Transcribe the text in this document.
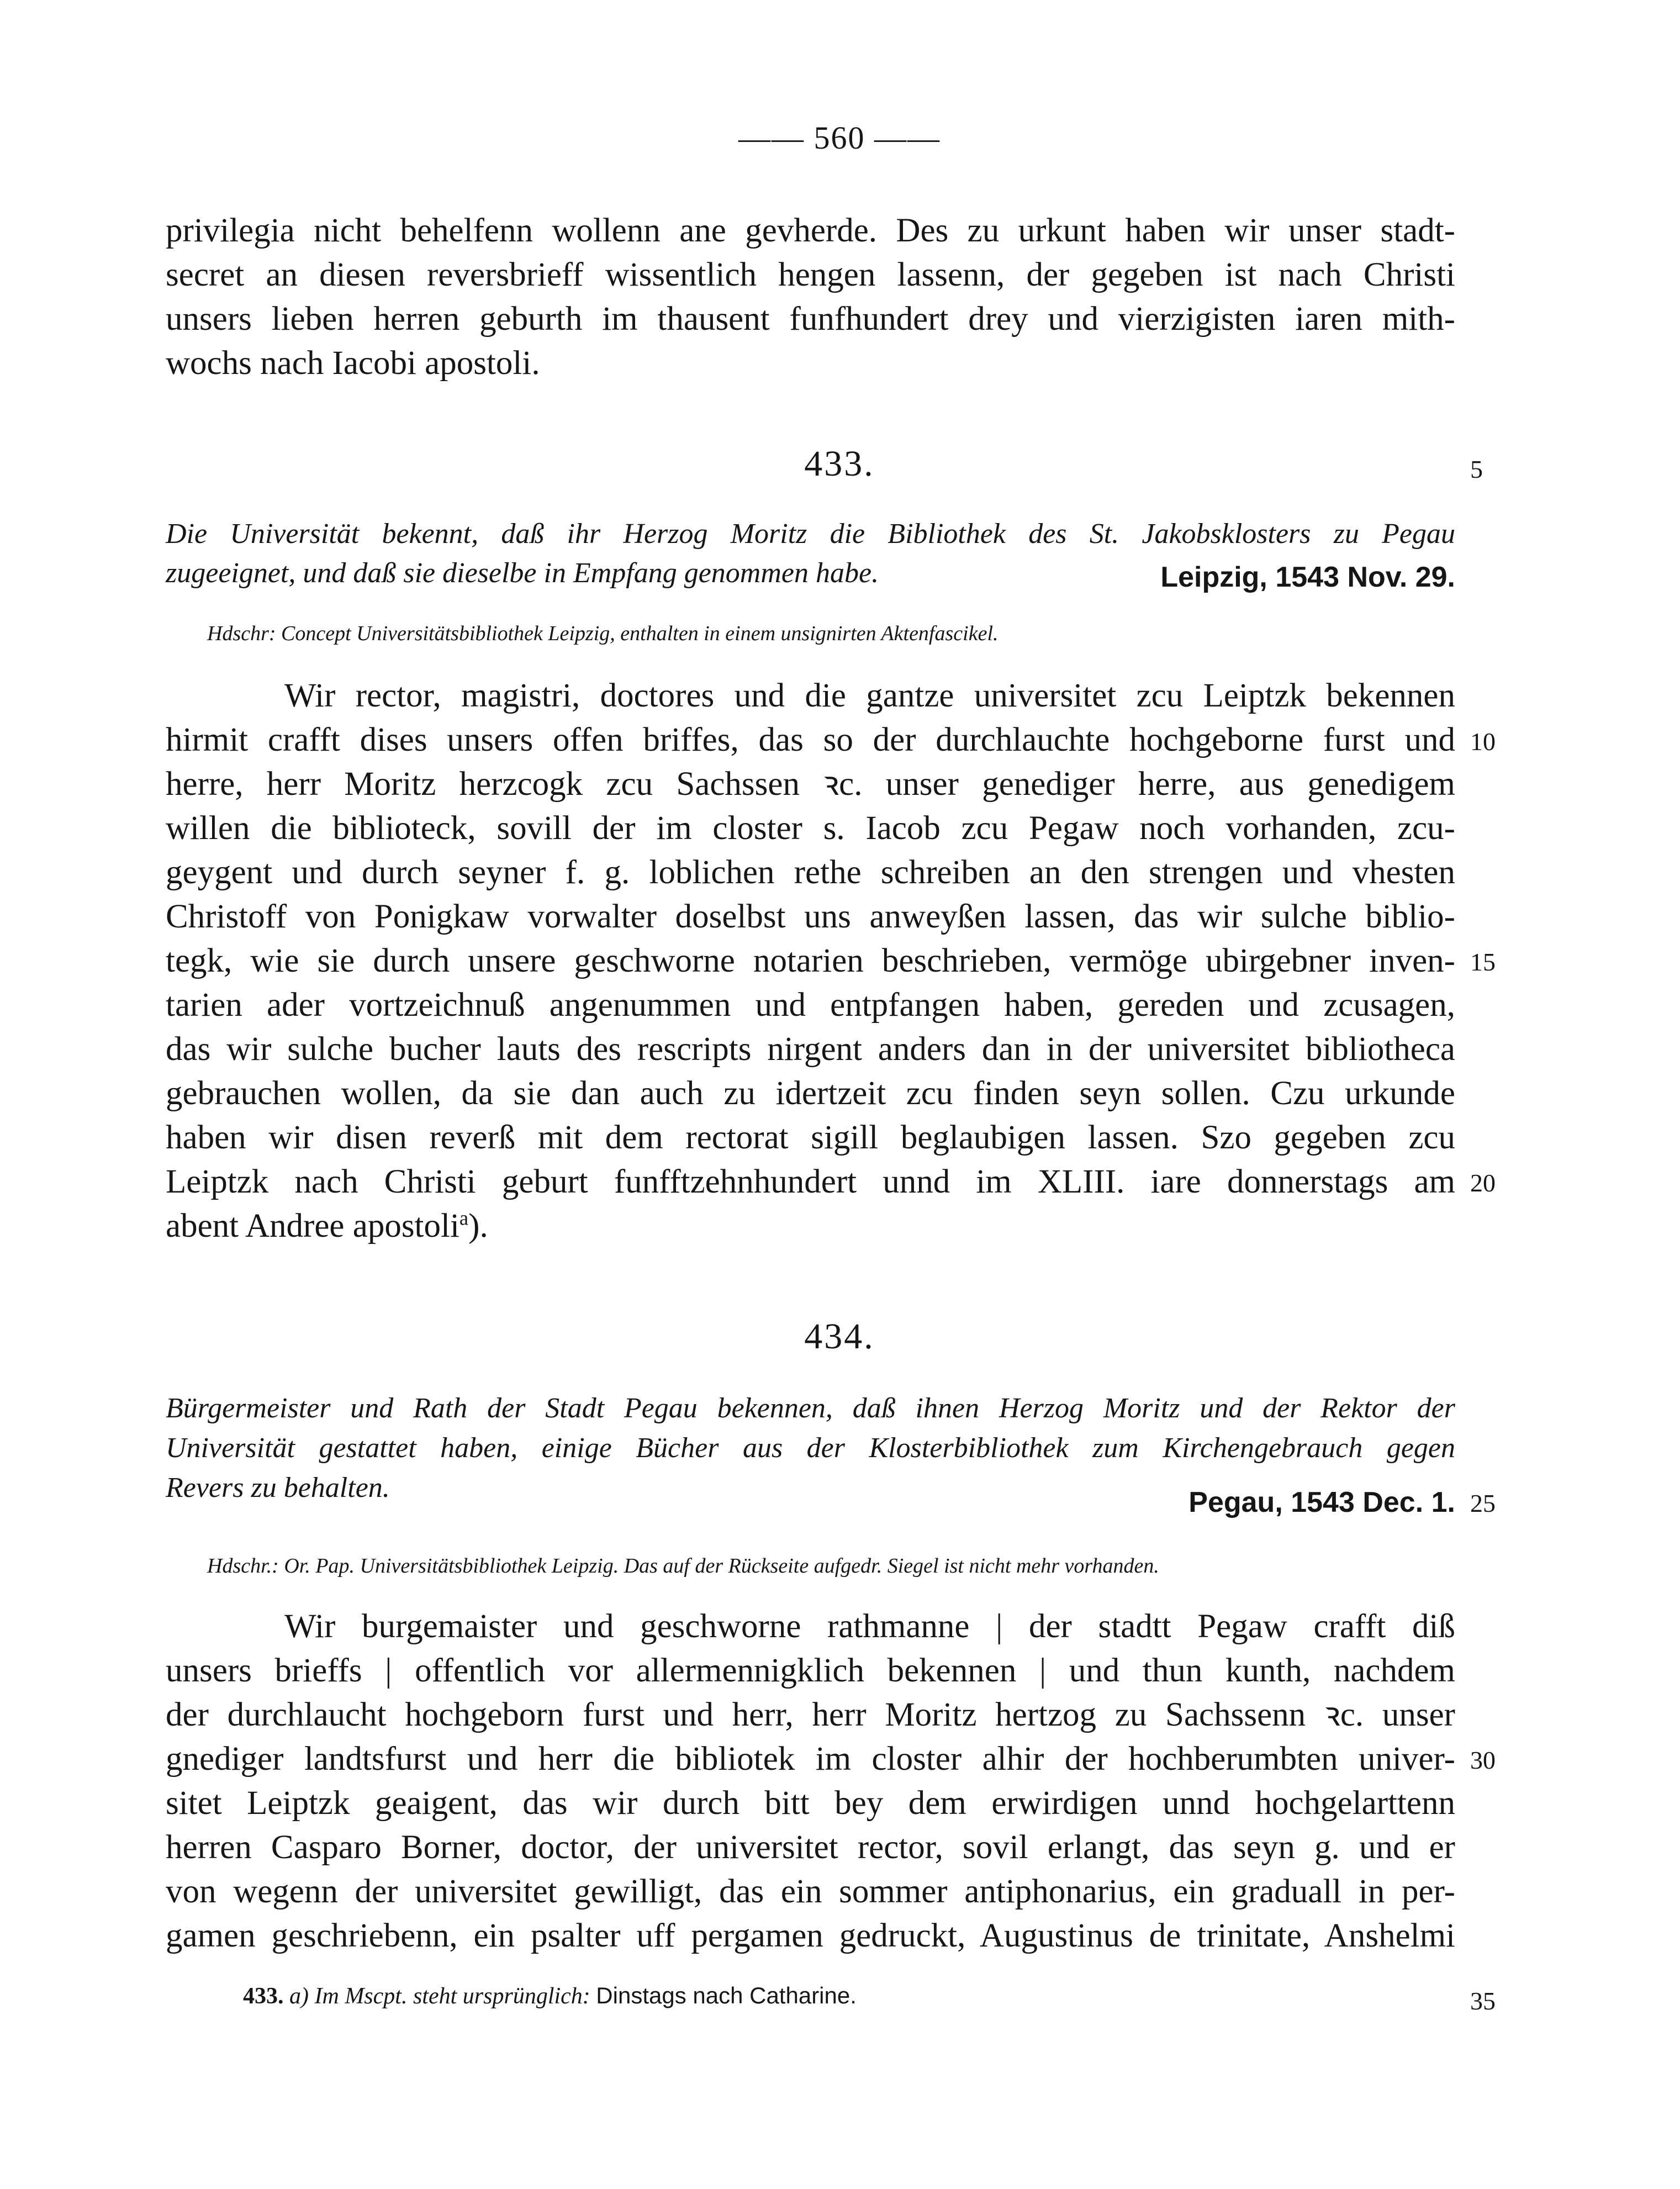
—— 560 ——

privilegia nicht behelfenn wollenn ane gevherde. Des zu urkunt haben wir unser stadt-

secret an diesen reversbrieff wissentlich hengen lassenn, der gegeben ist nach Christi

unsers lieben herren geburth im thausent funfhundert drey und vierzigisten iaren mith-

wochs nach Iacobi apostoli.

433.	5

Die Universität bekennt, daß ihr Herzog Moritz die Bibliothek des St. Jakobsklosters zu Pegau

zugeeignet, und daß sie dieselbe in Empfang genommen habe.	Leipzig, 1543 Nov. 29.
Hdschr: Concept Universitätsbibliothek Leipzig, enthalten in einem unsignirten Aktenfascikel.

Wir rector, magistri, doctores und die gantze universitet zcu Leiptzk bekennen

hirmit crafft dises unsers offen briffes, das so der durchlauchte hochgeborne furst und 10

herre, herr Moritz herzcogk zcu Sachssen ꝛc. unser genediger herre, aus genedigem

willen die biblioteck, sovill der im closter s. Iacob zcu Pegaw noch vorhanden, zcu-

geygent und durch seyner f. g. loblichen rethe schreiben an den strengen und vhesten

Christoff von Ponigkaw vorwalter doselbst uns anweyßen lassen, das wir sulche biblio-

tegk, wie sie durch unsere geschworne notarien beschrieben, vermöge ubirgebner inven- 15

tarien ader vortzeichnuß angenummen und entpfangen haben, gereden und zcusagen,

das wir sulche bucher lauts des rescripts nirgent anders dan in der universitet bibliotheca

gebrauchen wollen, da sie dan auch zu idertzeit zcu finden seyn sollen. Czu urkunde

haben wir disen reverß mit dem rectorat sigill beglaubigen lassen. Szo gegeben zcu

Leiptzk nach Christi geburt funfftzehnhundert unnd im XLIII. iare donnerstags am 20

abent Andree apostoli$^a$).

434.

Bürgermeister und Rath der Stadt Pegau bekennen, daß ihnen Herzog Moritz und der Rektor der

Universität gestattet haben, einige Bücher aus der Klosterbibliothek zum Kirchengebrauch gegen

Revers zu behalten.	Pegau, 1543 Dec. 1. 25
Hdschr.: Or. Pap. Universitätsbibliothek Leipzig. Das auf der Rückseite aufgedr. Siegel ist nicht mehr vorhanden.

Wir burgemaister und geschworne rathmanne | der stadtt Pegaw crafft diß

unsers brieffs | offentlich vor allermennigklich bekennen | und thun kunth, nachdem

der durchlaucht hochgeborn furst und herr, herr Moritz hertzog zu Sachssenn ꝛc. unser

gnediger landtsfurst und herr die bibliotek im closter alhir der hochberumbten univer- 30

sitet Leiptzk geaigent, das wir durch bitt bey dem erwirdigen unnd hochgelarttenn

herren Casparo Borner, doctor, der universitet rector, sovil erlangt, das seyn g. und er

von wegenn der universitet gewilligt, das ein sommer antiphonarius, ein graduall in per-

gamen geschriebenn, ein psalter uff pergamen gedruckt, Augustinus de trinitate, Anshelmi

433. a) Im Mscpt. steht ursprünglich: Dinstags nach Catharine.	35
